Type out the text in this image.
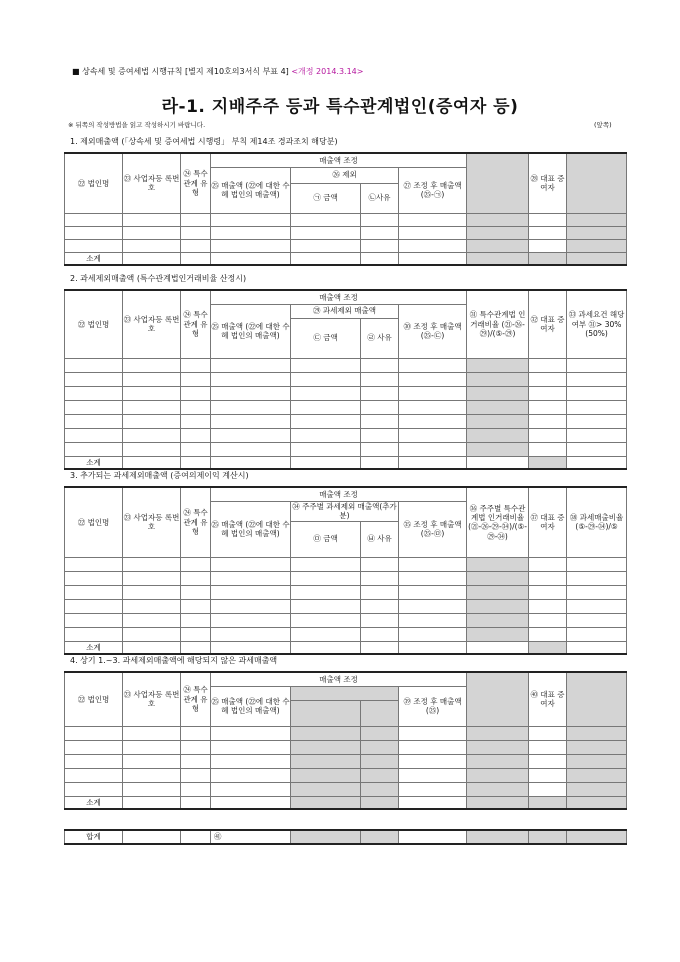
■ 상속세 및 증여세법 시행규칙 [별지 제10호의3서식 부표 4] <개정 2014.3.14>
라-1. 지배주주 등과 특수관계법인(증여자 등)
※ 뒤쪽의 작성방법을 읽고 작성하시기 바랍니다.	(앞쪽)
1. 제외매출액 (「상속세 및 증여세법 시행령」 부칙 제14조 경과조치 해당분)
㉒ 법인명	㉓ 사업자등 록번호	㉔ 특수 관계 유형	매출액 조정					㉘ 대표 증여자	
			㉕ 매출액 (㉒에 대한 수혜 법인의 매출액)	㉖ 제외		㉗ 조정 후 매출액 (㉕-㉠)			
				㉠ 금액	㉡사유				

소계									
2. 과세제외매출액 (특수관계법인거래비율 산정시)
㉒ 법인명	㉓ 사업자등 록번호	㉔ 특수 관계 유형	매출액 조정				㉛ 특수관계법 인거래비율 (㉑-㉖-㉙)/(⑤-㉙)	㉜ 대표 증여자	㉝ 과세요건 해당 여부 ㉛> 30% (50%)
			㉕ 매출액 (㉒에 대한 수혜 법인의 매출액)	㉙ 과세제외 매출액		㉚ 조정 후 매출액 (㉕-㉢)			
				㉢ 금액	㉣ 사유				

소계									
3. 추가되는 과세제외매출액 (증여의제이익 계산시)
㉒ 법인명	㉓ 사업자등 록번호	㉔ 특수 관계 유형	매출액 조정				㊱ 주주별 특수관계법 인거래비율 (㉑-㉖-㉙-㉞)/(⑤-㉙-㉞)	㊲ 대표 증여자	㊳ 과세매출비율 (⑤-㉙-㉞)/⑤
			㉕ 매출액 (㉒에 대한 수혜 법인의 매출액)	㉞ 주주별 과세제외 매출액(추가분)		㉟ 조정 후 매출액 (㉕-㉤)			
				㉤ 금액	㉥ 사유				

소계									
4. 상기 1.~3. 과세제외매출액에 해당되지 않은 과세매출액
㉒ 법인명	㉓ 사업자등 록번호	㉔ 특수 관계 유형	매출액 조정					㊵ 대표 증여자	
			㉕ 매출액 (㉒에 대한 수혜 법인의 매출액)			㊴ 조정 후 매출액(㉕)			

소계									
합계			㊶						
